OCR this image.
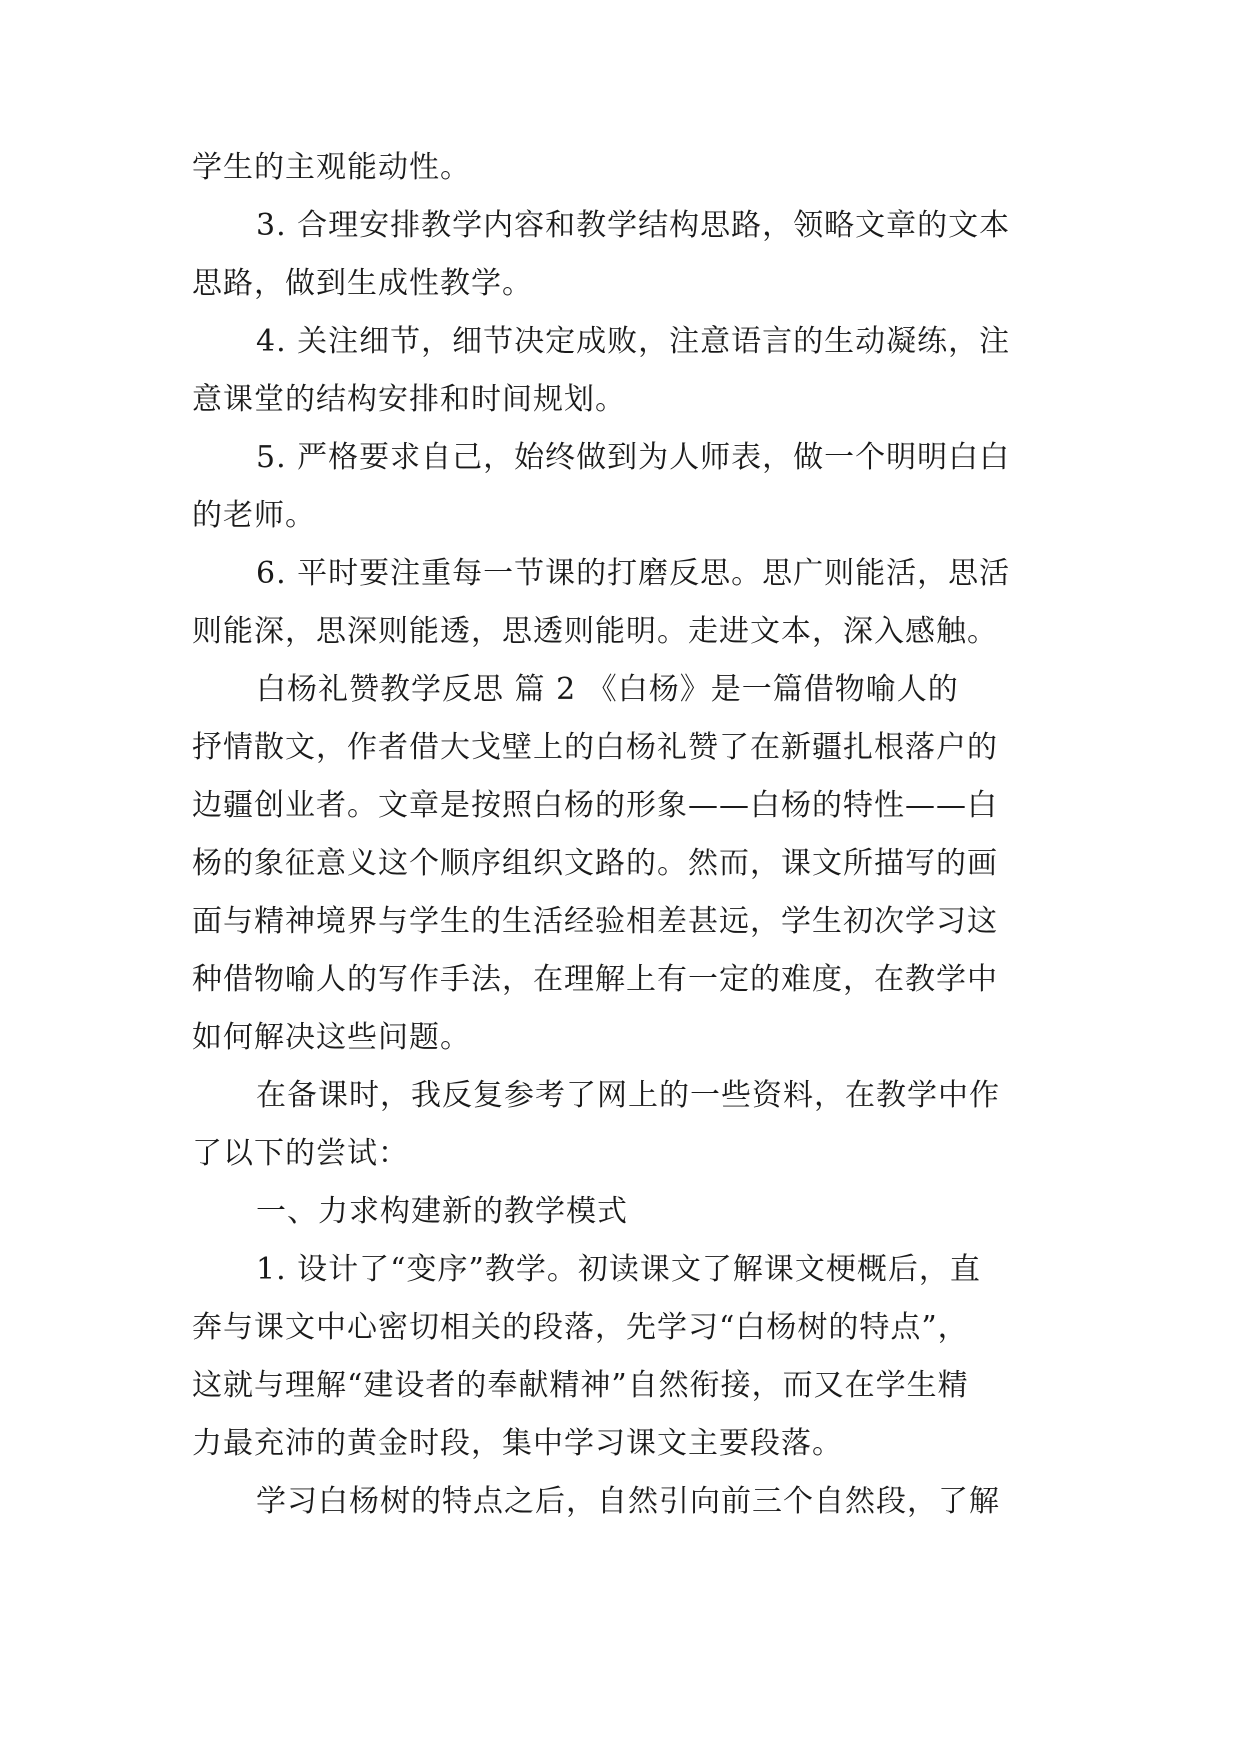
学生的主观能动性。
3. 合理安排教学内容和教学结构思路，领略文章的文本
思路，做到生成性教学。
4. 关注细节，细节决定成败，注意语言的生动凝练，注
意课堂的结构安排和时间规划。
5. 严格要求自己，始终做到为人师表，做一个明明白白
的老师。
6. 平时要注重每一节课的打磨反思。思广则能活，思活
则能深，思深则能透，思透则能明。走进文本，深入感触。
白杨礼赞教学反思 篇 2 《白杨》是一篇借物喻人的
抒情散文，作者借大戈壁上的白杨礼赞了在新疆扎根落户的
边疆创业者。文章是按照白杨的形象——白杨的特性——白
杨的象征意义这个顺序组织文路的。然而，课文所描写的画
面与精神境界与学生的生活经验相差甚远，学生初次学习这
种借物喻人的写作手法，在理解上有一定的难度，在教学中
如何解决这些问题。
在备课时，我反复参考了网上的一些资料，在教学中作
了以下的尝试：
一、力求构建新的教学模式
1. 设计了“变序”教学。初读课文了解课文梗概后，直
奔与课文中心密切相关的段落，先学习“白杨树的特点”，
这就与理解“建设者的奉献精神”自然衔接，而又在学生精
力最充沛的黄金时段，集中学习课文主要段落。
学习白杨树的特点之后，自然引向前三个自然段，了解
